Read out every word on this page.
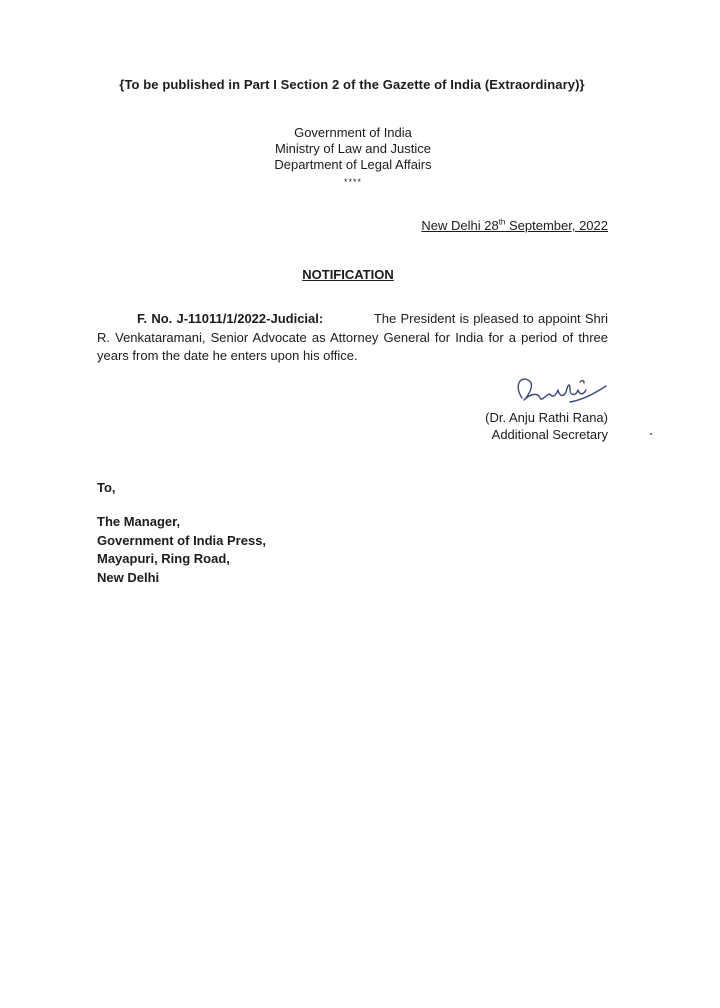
{To be published in Part I Section 2 of the Gazette of India (Extraordinary)}

Government of India
Ministry of Law and Justice
Department of Legal Affairs
****
New Delhi 28th September, 2022

NOTIFICATION

F. No. J-11011/1/2022-Judicial:	The President is pleased to appoint Shri R. Venkataramani, Senior Advocate as Attorney General for India for a period of three years from the date he enters upon his office.

(Dr. Anju Rathi Rana)
Additional Secretary
To,
The Manager,
Government of India Press,
Mayapuri, Ring Road,
New Delhi
